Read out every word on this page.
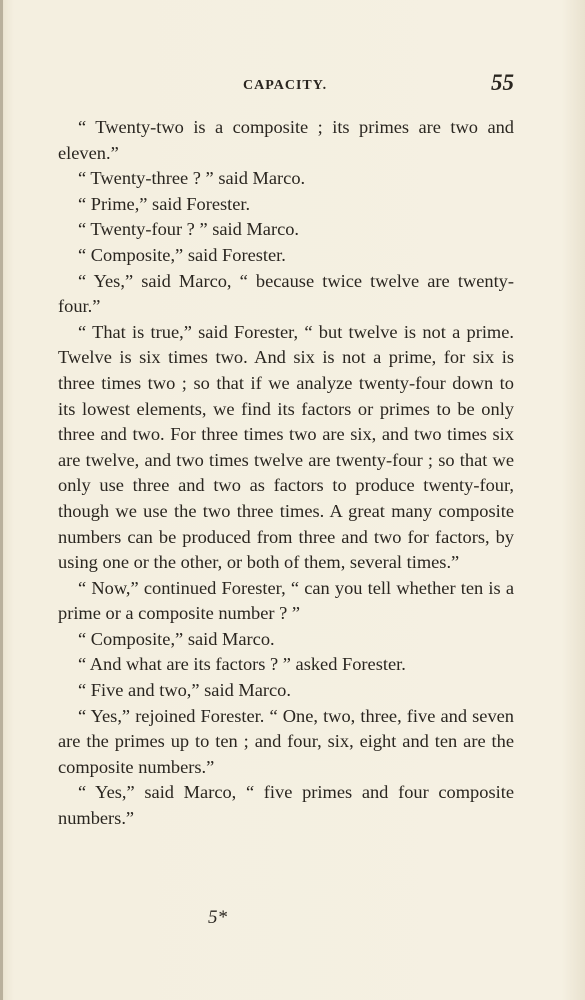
CAPACITY.	55

“ Twenty-two is a composite ; its primes are two and eleven.”

“ Twenty-three ? ” said Marco.

“ Prime,” said Forester.

“ Twenty-four ? ” said Marco.

“ Composite,” said Forester.

“ Yes,” said Marco, “ because twice twelve are twenty-four.”

“ That is true,” said Forester, “ but twelve is not a prime. Twelve is six times two. And six is not a prime, for six is three times two ; so that if we analyze twenty-four down to its lowest elements, we find its factors or primes to be only three and two. For three times two are six, and two times six are twelve, and two times twelve are twenty-four ; so that we only use three and two as factors to produce twenty-four, though we use the two three times. A great many composite numbers can be produced from three and two for factors, by using one or the other, or both of them, several times.”

“ Now,” continued Forester, “ can you tell whether ten is a prime or a composite number ? ”

“ Composite,” said Marco.

“ And what are its factors ? ” asked Forester.

“ Five and two,” said Marco.

“ Yes,” rejoined Forester. “ One, two, three, five and seven are the primes up to ten ; and four, six, eight and ten are the composite numbers.”

“ Yes,” said Marco, “ five primes and four composite numbers.”

5*
